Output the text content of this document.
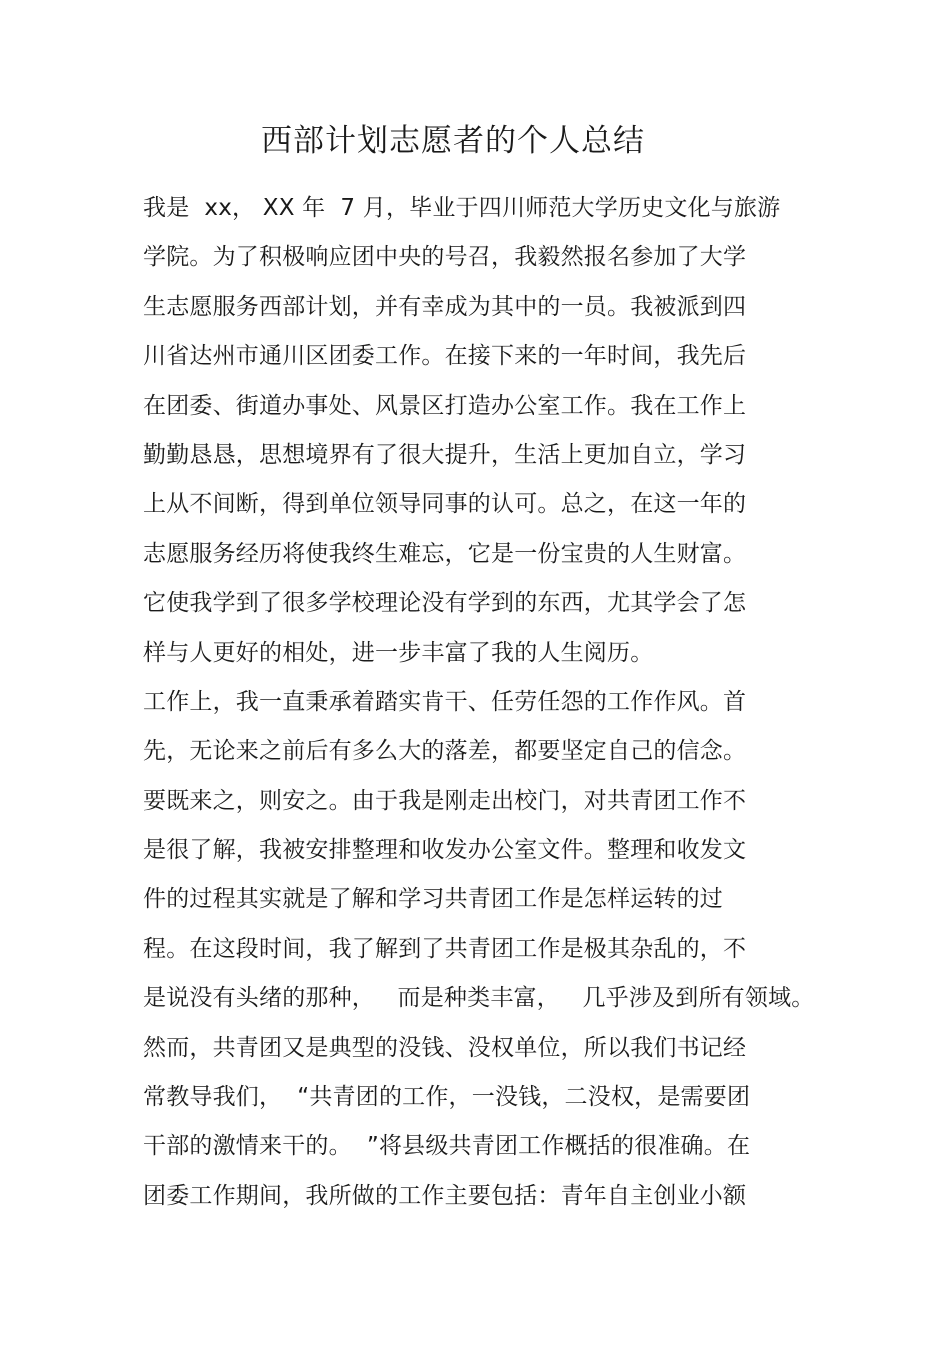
西部计划志愿者的个人总结
我是  xx， XX 年  7 月，毕业于四川师范大学历史文化与旅游
学院。为了积极响应团中央的号召，我毅然报名参加了大学
生志愿服务西部计划，并有幸成为其中的一员。我被派到四
川省达州市通川区团委工作。在接下来的一年时间，我先后
在团委、街道办事处、风景区打造办公室工作。我在工作上
勤勤恳恳，思想境界有了很大提升，生活上更加自立，学习
上从不间断，得到单位领导同事的认可。总之，在这一年的
志愿服务经历将使我终生难忘，它是一份宝贵的人生财富。
它使我学到了很多学校理论没有学到的东西，尤其学会了怎
样与人更好的相处，进一步丰富了我的人生阅历。
工作上，我一直秉承着踏实肯干、任劳任怨的工作作风。首
先，无论来之前后有多么大的落差，都要坚定自己的信念。
要既来之，则安之。由于我是刚走出校门，对共青团工作不
是很了解，我被安排整理和收发办公室文件。整理和收发文
件的过程其实就是了解和学习共青团工作是怎样运转的过
程。在这段时间，我了解到了共青团工作是极其杂乱的，不
是说没有头绪的那种，   而是种类丰富，   几乎涉及到所有领域。
然而，共青团又是典型的没钱、没权单位，所以我们书记经
常教导我们，  “共青团的工作，一没钱，二没权，是需要团
干部的激情来干的。  ”将县级共青团工作概括的很准确。在
团委工作期间，我所做的工作主要包括：青年自主创业小额
